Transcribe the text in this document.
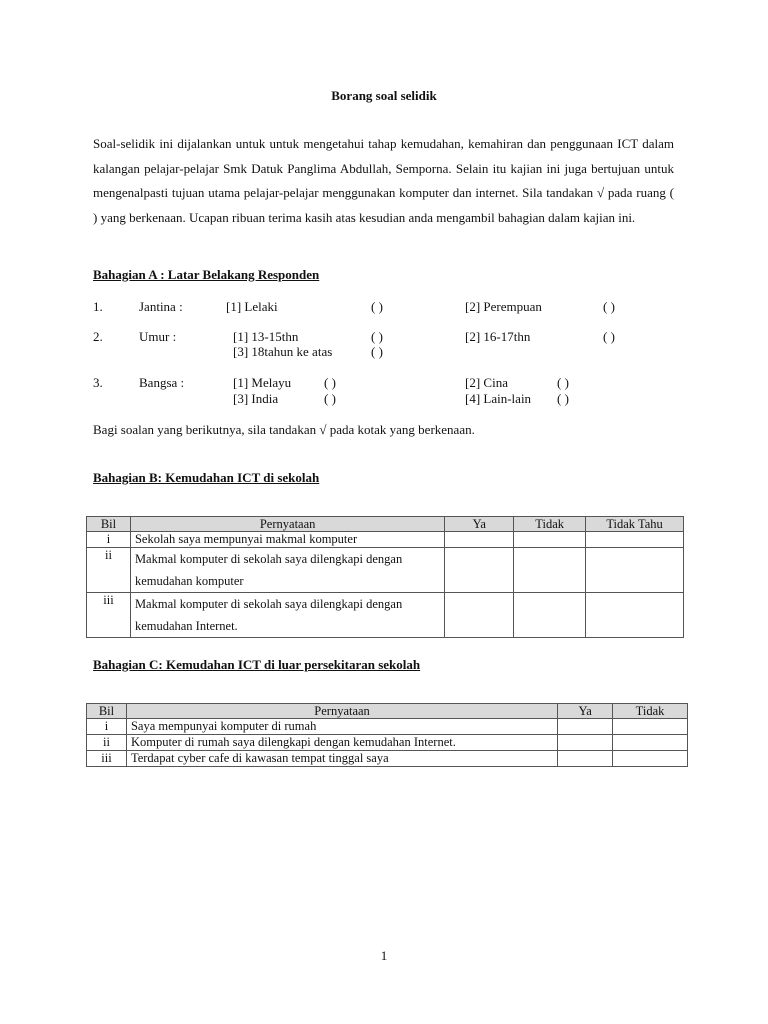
Borang soal selidik

Soal-selidik ini dijalankan untuk untuk mengetahui tahap kemudahan, kemahiran dan penggunaan ICT dalam kalangan pelajar-pelajar Smk Datuk Panglima Abdullah, Semporna. Selain itu kajian ini juga bertujuan untuk mengenalpasti tujuan utama pelajar-pelajar menggunakan komputer dan internet. Sila tandakan √ pada ruang ( ) yang berkenaan. Ucapan ribuan terima kasih atas kesudian anda mengambil bahagian dalam kajian ini.

Bahagian A : Latar Belakang Responden
1.	Jantina :	[1] Lelaki	( )	[2] Perempuan	( )
2.	Umur :	[1] 13-15thn	( )	[2] 16-17thn	( )
[3] 18tahun ke atas	( )
3.	Bangsa :	[1] Melayu	( )	[2] Cina	( )
[3] India	( )	[4] Lain-lain ( )
Bagi soalan yang berikutnya, sila tandakan √ pada kotak yang berkenaan.
Bahagian B: Kemudahan ICT di sekolah
Bil	Pernyataan	Ya	Tidak	Tidak Tahu
i	Sekolah saya mempunyai makmal komputer			
ii	Makmal komputer di sekolah saya dilengkapi dengan kemudahan komputer			
iii	Makmal komputer di sekolah saya dilengkapi dengan kemudahan Internet.			
Bahagian C: Kemudahan ICT di luar persekitaran sekolah
Bil	Pernyataan	Ya	Tidak
i	Saya mempunyai komputer di rumah		
ii	Komputer di rumah saya dilengkapi dengan kemudahan Internet.		
iii	Terdapat cyber cafe di kawasan tempat tinggal saya		
1
